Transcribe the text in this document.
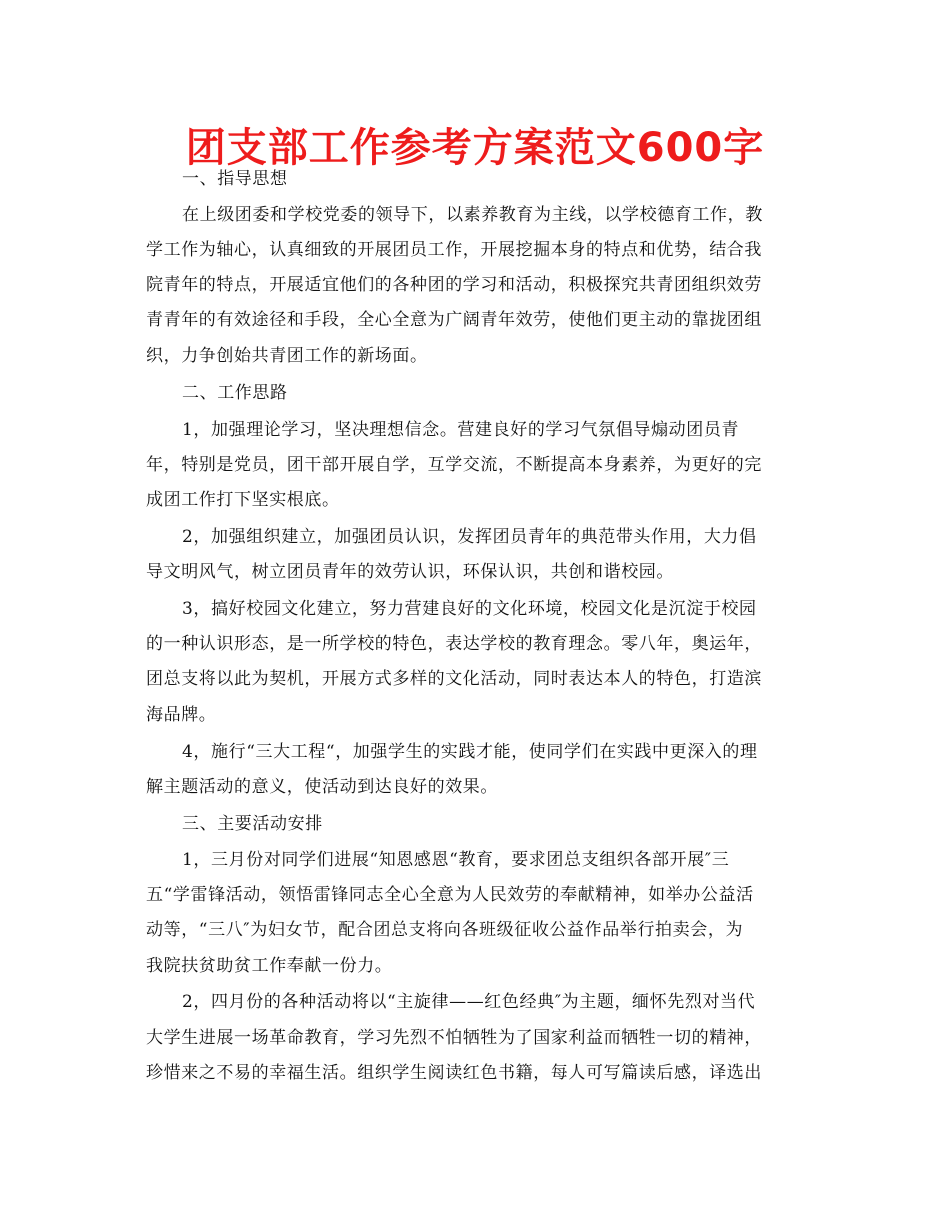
团支部工作参考方案范文600字

一、指导思想

在上级团委和学校党委的领导下，以素养教育为主线，以学校德育工作，教

学工作为轴心，认真细致的开展团员工作，开展挖掘本身的特点和优势，结合我

院青年的特点，开展适宜他们的各种团的学习和活动，积极探究共青团组织效劳

青青年的有效途径和手段，全心全意为广阔青年效劳，使他们更主动的靠拢团组

织，力争创始共青团工作的新场面。

二、工作思路

1，加强理论学习，坚决理想信念。营建良好的学习气氛倡导煽动团员青

年，特别是党员，团干部开展自学，互学交流，不断提高本身素养，为更好的完

成团工作打下坚实根底。

2，加强组织建立，加强团员认识，发挥团员青年的典范带头作用，大力倡

导文明风气，树立团员青年的效劳认识，环保认识，共创和谐校园。

3，搞好校园文化建立，努力营建良好的文化环境，校园文化是沉淀于校园

的一种认识形态，是一所学校的特色，表达学校的教育理念。零八年，奥运年，

团总支将以此为契机，开展方式多样的文化活动，同时表达本人的特色，打造滨

海品牌。

4，施行“三大工程“，加强学生的实践才能，使同学们在实践中更深入的理

解主题活动的意义，使活动到达良好的效果。

三、主要活动安排

1，三月份对同学们进展“知恩感恩“教育，要求团总支组织各部开展″三

五“学雷锋活动，领悟雷锋同志全心全意为人民效劳的奉献精神，如举办公益活

动等，“三八″为妇女节，配合团总支将向各班级征收公益作品举行拍卖会，为

我院扶贫助贫工作奉献一份力。

2，四月份的各种活动将以“主旋律——红色经典″为主题，缅怀先烈对当代

大学生进展一场革命教育，学习先烈不怕牺牲为了国家利益而牺牲一切的精神，

珍惜来之不易的幸福生活。组织学生阅读红色书籍，每人可写篇读后感，译选出
